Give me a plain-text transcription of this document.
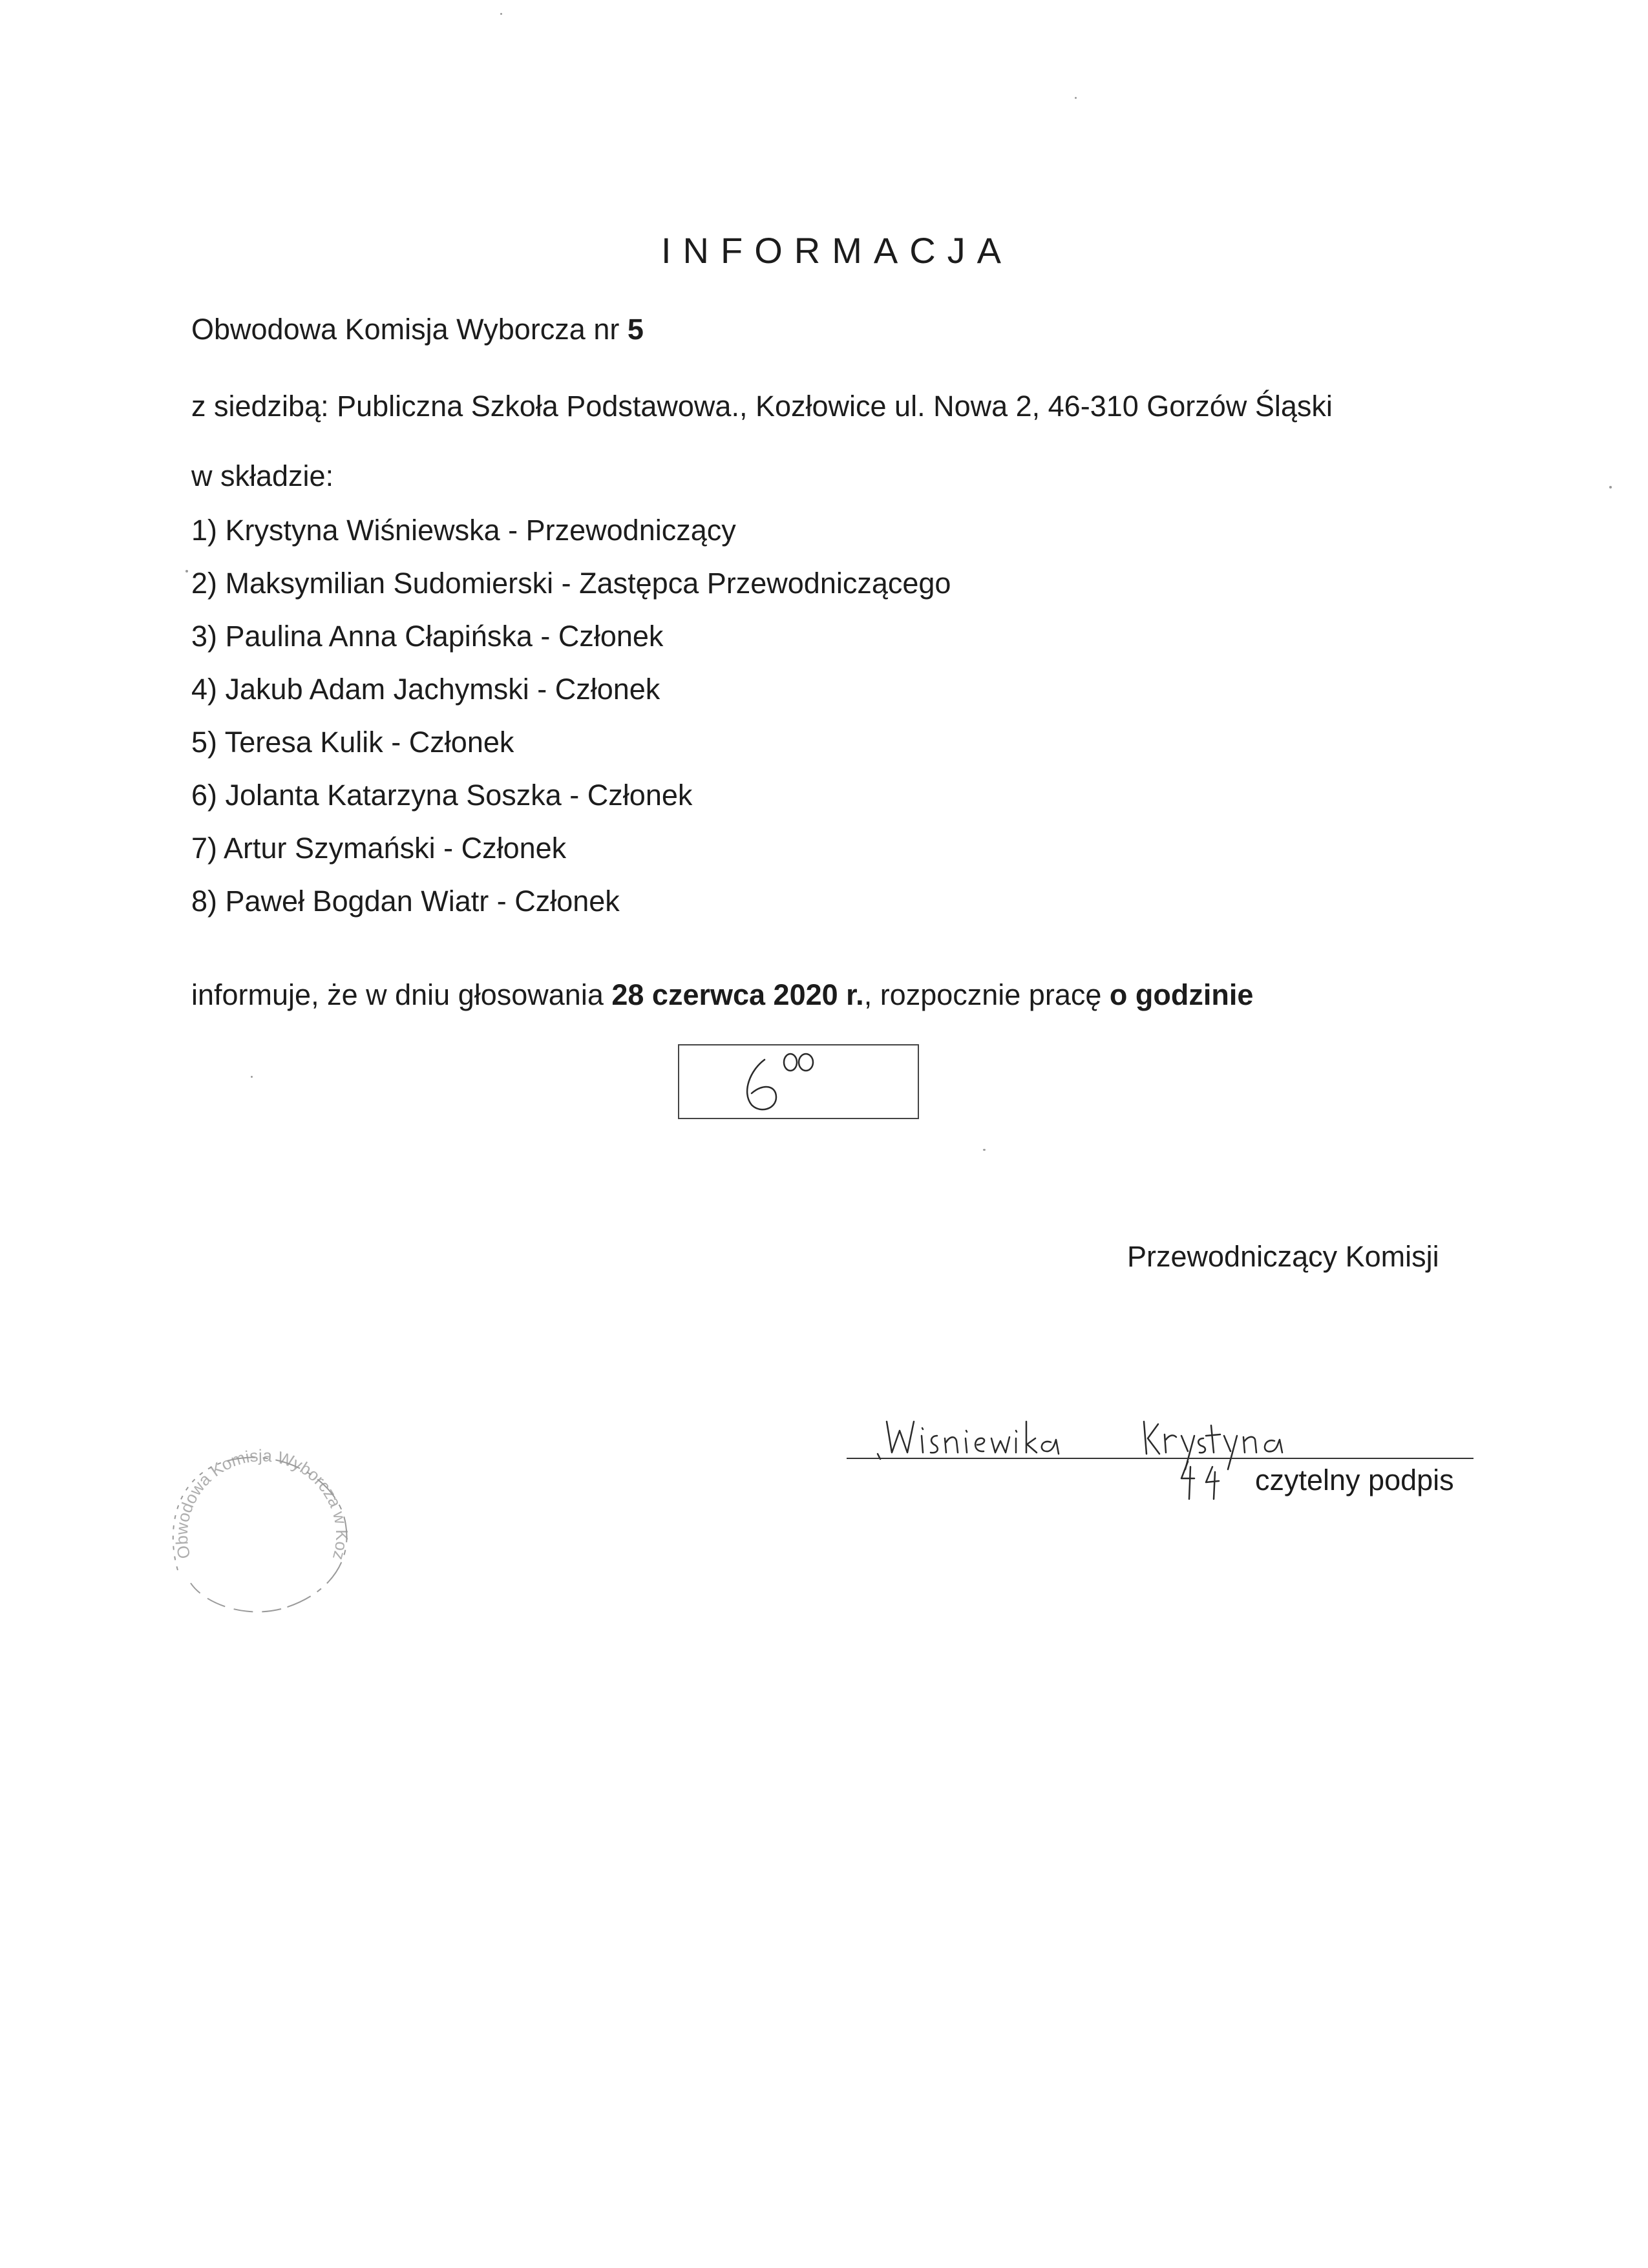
INFORMACJA
Obwodowa Komisja Wyborcza nr 5
z siedzibą: Publiczna Szkoła Podstawowa., Kozłowice ul. Nowa 2, 46-310 Gorzów Śląski
w składzie:
1) Krystyna Wiśniewska - Przewodniczący
2) Maksymilian Sudomierski - Zastępca Przewodniczącego
3) Paulina Anna Cłapińska - Członek
4) Jakub Adam Jachymski - Członek
5) Teresa Kulik - Członek
6) Jolanta Katarzyna Soszka - Członek
7) Artur Szymański - Członek
8) Paweł Bogdan Wiatr - Członek
informuje, że w dniu głosowania 28 czerwca 2020 r., rozpocznie pracę o godzinie
600
Przewodniczący Komisji
Wiśniewska Krystyna
czytelny podpis
Obwodowa Komisja Wyborcza w Koz
